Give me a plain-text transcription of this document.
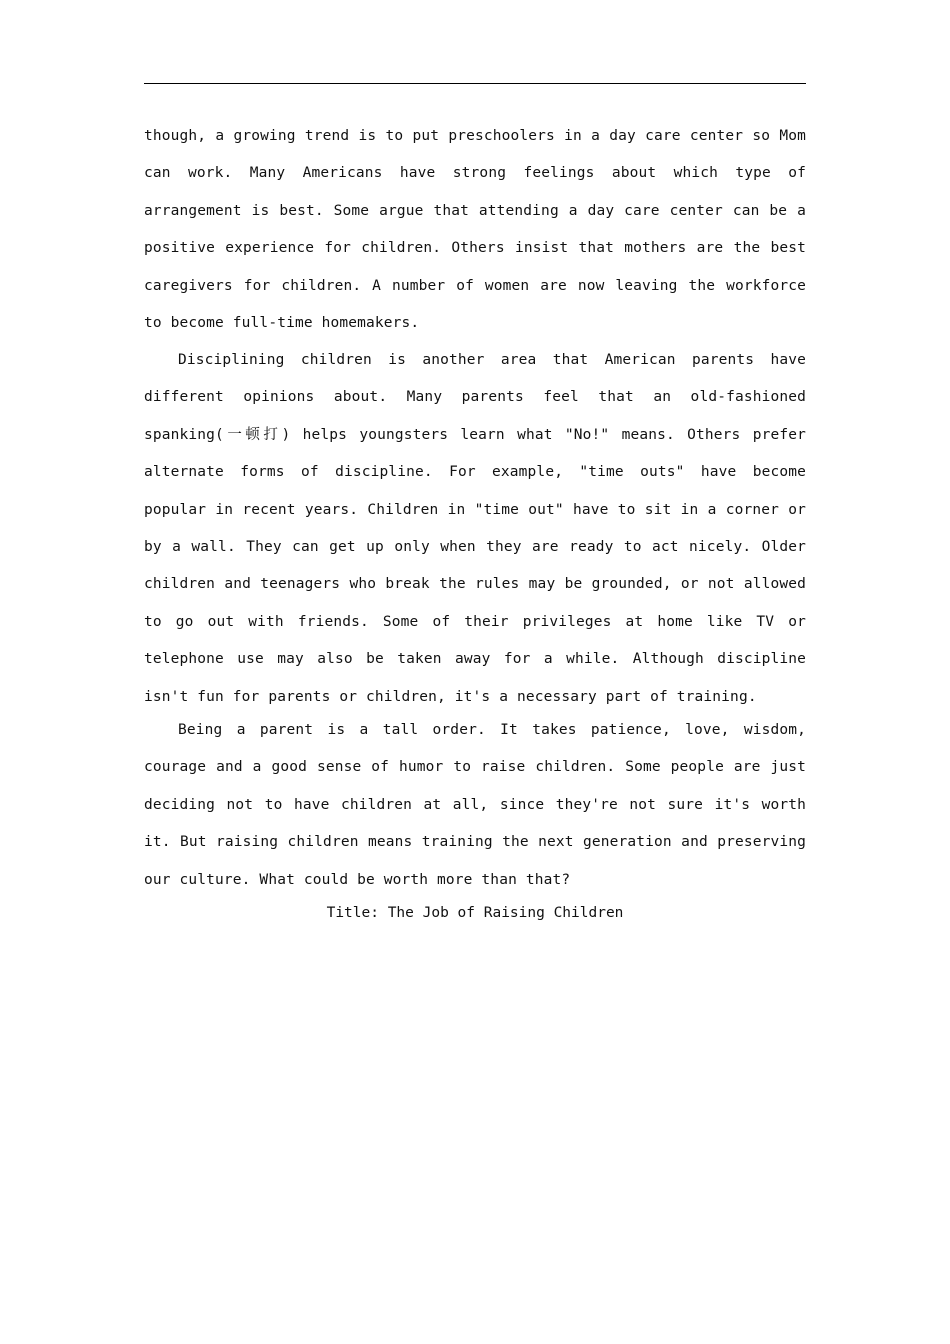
though, a growing trend is to put preschoolers in a day care center so Mom can work. Many Americans have strong feelings about which type of arrangement is best. Some argue that attending a day care center can be a positive experience for children. Others insist that mothers are the best caregivers for children. A number of women are now leaving the workforce to become full-time homemakers.

Disciplining children is another area that American parents have different opinions about. Many parents feel that an old-fashioned spanking(一顿打) helps youngsters learn what "No!" means. Others prefer alternate forms of discipline. For example, "time outs" have become popular in recent years. Children in "time out" have to sit in a corner or by a wall. They can get up only when they are ready to act nicely. Older children and teenagers who break the rules may be grounded, or not allowed to go out with friends. Some of their privileges at home like TV or telephone use may also be taken away for a while. Although discipline isn't fun for parents or children, it's a necessary part of training.

Being a parent is a tall order. It takes patience, love, wisdom, courage and a good sense of humor to raise children. Some people are just deciding not to have children at all, since they're not sure it's worth it. But raising children means training the next generation and preserving our culture. What could be worth more than that?

Title: The Job of Raising Children
